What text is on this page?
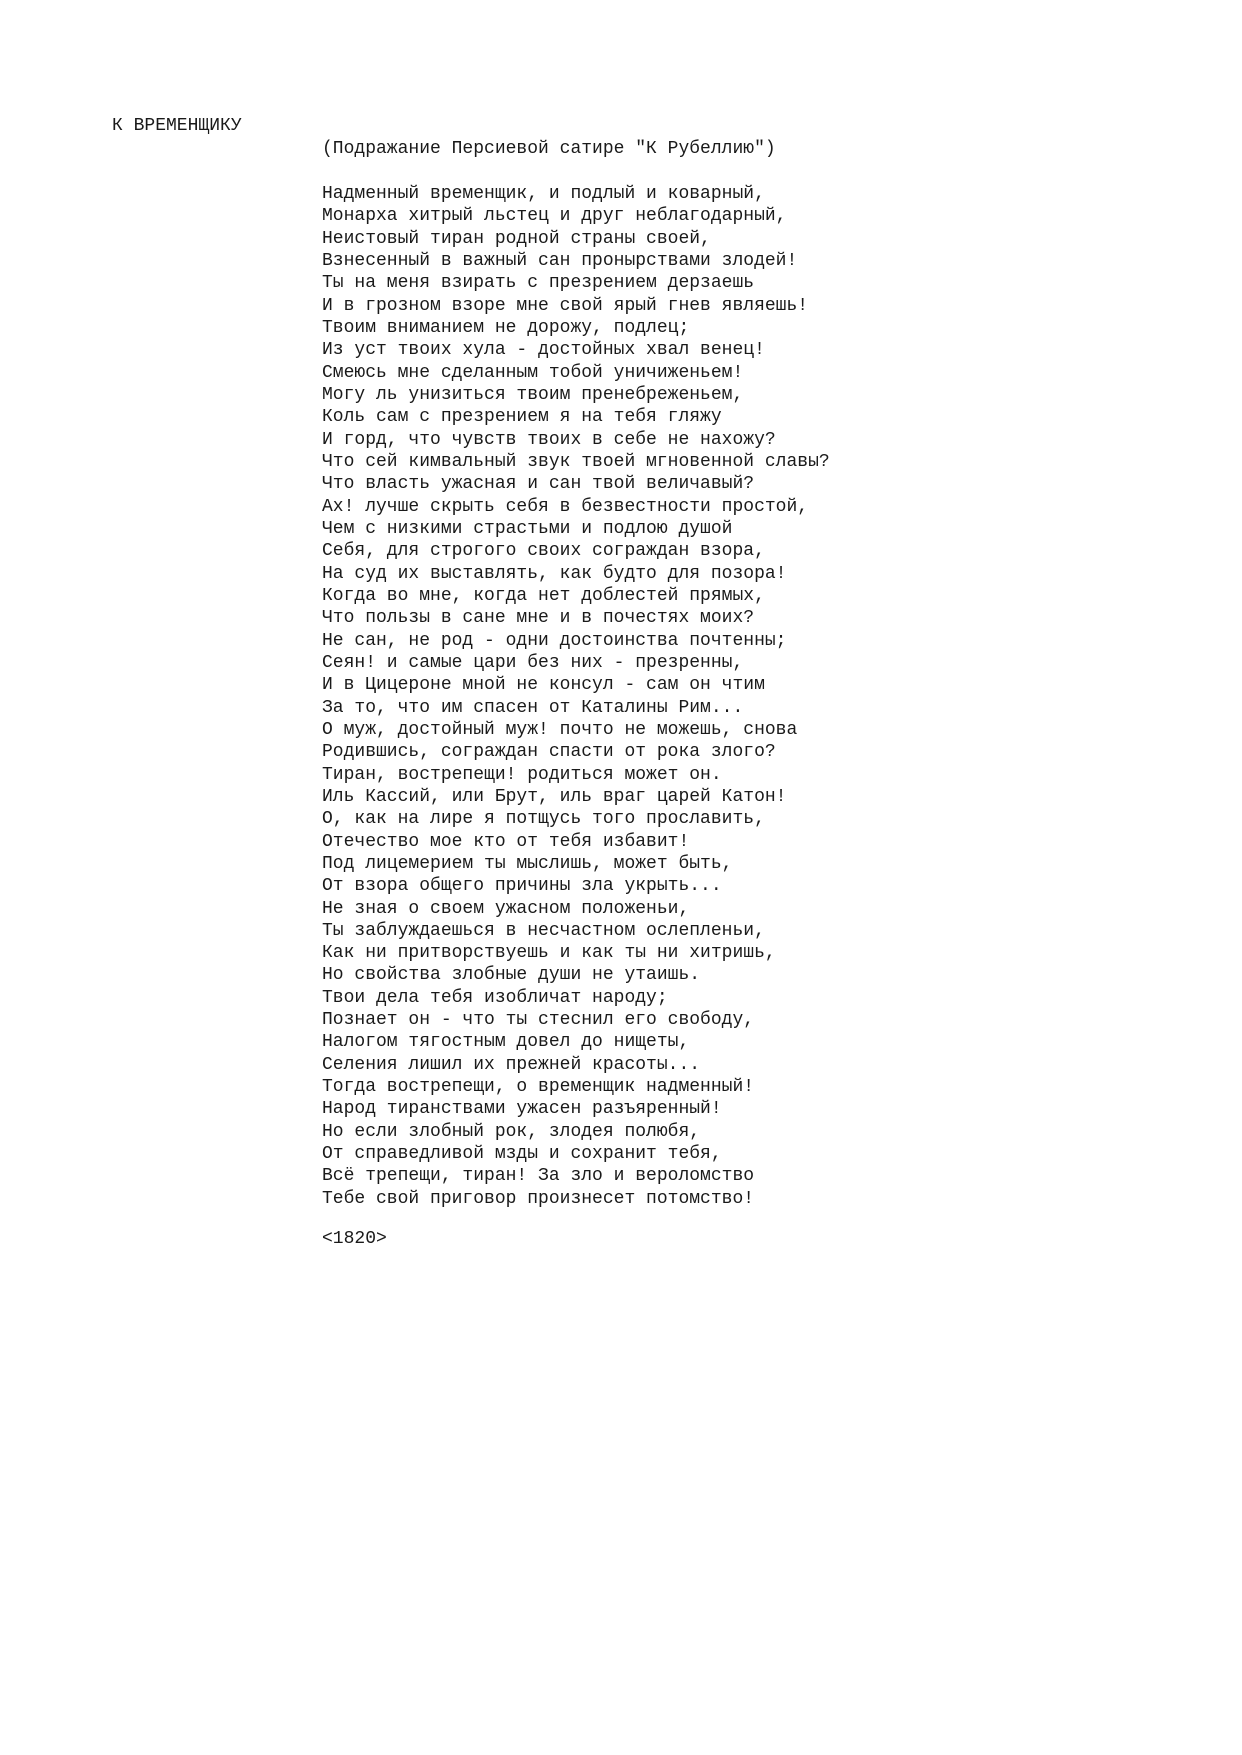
К ВРЕМЕНЩИКУ
(Подражание Персиевой сатире "К Рубеллию")
Надменный временщик, и подлый и коварный,
Монарха хитрый льстец и друг неблагодарный,
Неистовый тиран родной страны своей,
Взнесенный в важный сан пронырствами злодей!
Ты на меня взирать с презрением дерзаешь
И в грозном взоре мне свой ярый гнев являешь!
Твоим вниманием не дорожу, подлец;
Из уст твоих хула - достойных хвал венец!
Смеюсь мне сделанным тобой уничиженьем!
Могу ль унизиться твоим пренебреженьем,
Коль сам с презрением я на тебя гляжу
И горд, что чувств твоих в себе не нахожу?
Что сей кимвальный звук твоей мгновенной славы?
Что власть ужасная и сан твой величавый?
Ах! лучше скрыть себя в безвестности простой,
Чем с низкими страстьми и подлою душой
Себя, для строгого своих сограждан взора,
На суд их выставлять, как будто для позора!
Когда во мне, когда нет доблестей прямых,
Что пользы в сане мне и в почестях моих?
Не сан, не род - одни достоинства почтенны;
Сеян! и самые цари без них - презренны,
И в Цицероне мной не консул - сам он чтим
За то, что им спасен от Каталины Рим...
О муж, достойный муж! почто не можешь, снова
Родившись, сограждан спасти от рока злого?
Тиран, вострепещи! родиться может он.
Иль Кассий, или Брут, иль враг царей Катон!
О, как на лире я потщусь того прославить,
Отечество мое кто от тебя избавит!
Под лицемерием ты мыслишь, может быть,
От взора общего причины зла укрыть...
Не зная о своем ужасном положеньи,
Ты заблуждаешься в несчастном ослепленьи,
Как ни притворствуешь и как ты ни хитришь,
Но свойства злобные души не утаишь.
Твои дела тебя изобличат народу;
Познает он - что ты стеснил его свободу,
Налогом тягостным довел до нищеты,
Селения лишил их прежней красоты...
Тогда вострепещи, о временщик надменный!
Народ тиранствами ужасен разъяренный!
Но если злобный рок, злодея полюбя,
От справедливой мзды и сохранит тебя,
Всё трепещи, тиран! За зло и вероломство
Тебе свой приговор произнесет потомство!
<1820>
